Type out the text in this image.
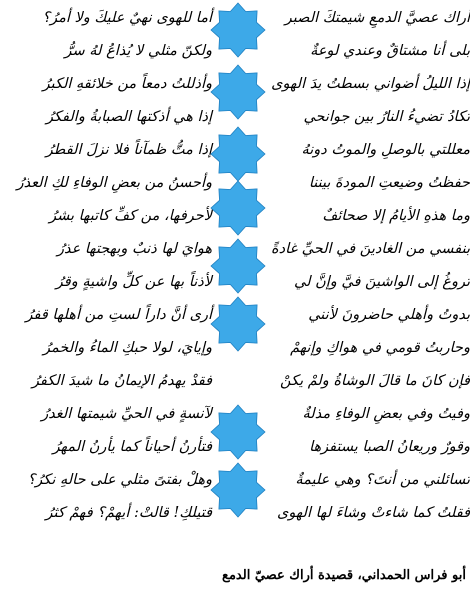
أراك عصيَّ الدمعِ شيمتكَ الصبر
أما للهوى نهيٌ عليكَ ولا أمرُ؟
بلى أنا مشتاقٌ وعندي لوعةٌ
ولكنّ مثلي لا يُذاعُ لهُ سرُّ
إذا الليلُ أضواني بسطتُ يدَ الهوى
وأذللتُ دمعاً من خلائقهِ الكبرُ
تكادُ تضيءُ النارُ بين جوانحي
إذا هي أذكتها الصبابةُ والفكرُ
معللتي بالوصلِ والموتُ دونهُ
إذا متُّ ظمآناً فلا نزلَ القطرُ
حفظتُ وضيعتِ المودةَ بيننا
وأحسنُ من بعضِ الوفاءِ لكِ العذرُ
وما هذهِ الأيامُ إلا صحائفٌ
لأحرفها، من كفِّ كاتبها بشرُ
بنفسي من الغادينَ في الحيِّ غادةً
هوايَ لها ذنبٌ وبهجتها عذرُ
تروغُ إلى الواشينَ فيَّ وإنَّ لي
لأذناً بها عن كلِّ واشيةٍ وقرُ
بدوتُ وأهلي حاضرونَ لأنني
أرى أنَّ داراً لستِ من أهلها قفرُ
وحاربتُ قومي في هواكِ وإنهمْ
وإيايَ، لولا حبكِ الماءُ والخمرُ
فإن كانَ ما قالَ الوشاةُ ولمْ يكنْ
فقدْ يهدمُ الإيمانُ ما شيدَ الكفرُ
وفيتُ وفي بعضِ الوفاءِ مذلةٌ
لآنسةٍ في الحيِّ شيمتها الغدرُ
وقورٌ وريعانُ الصبا يستفزها
فتأرنُ أحياناً كما يأرنُ المهرُ
تسائلني من أنتَ؟ وهي عليمةٌ
وهلْ بفتىً مثلي على حالهِ نكرُ؟
فقلتُ كما شاءتْ وشاءَ لها الهوى
قتيلكِ! قالتْ: أيهمْ؟ فهمْ كثرُ
أبو فراس الحمداني، قصيدة أراك عصيّ الدمع
